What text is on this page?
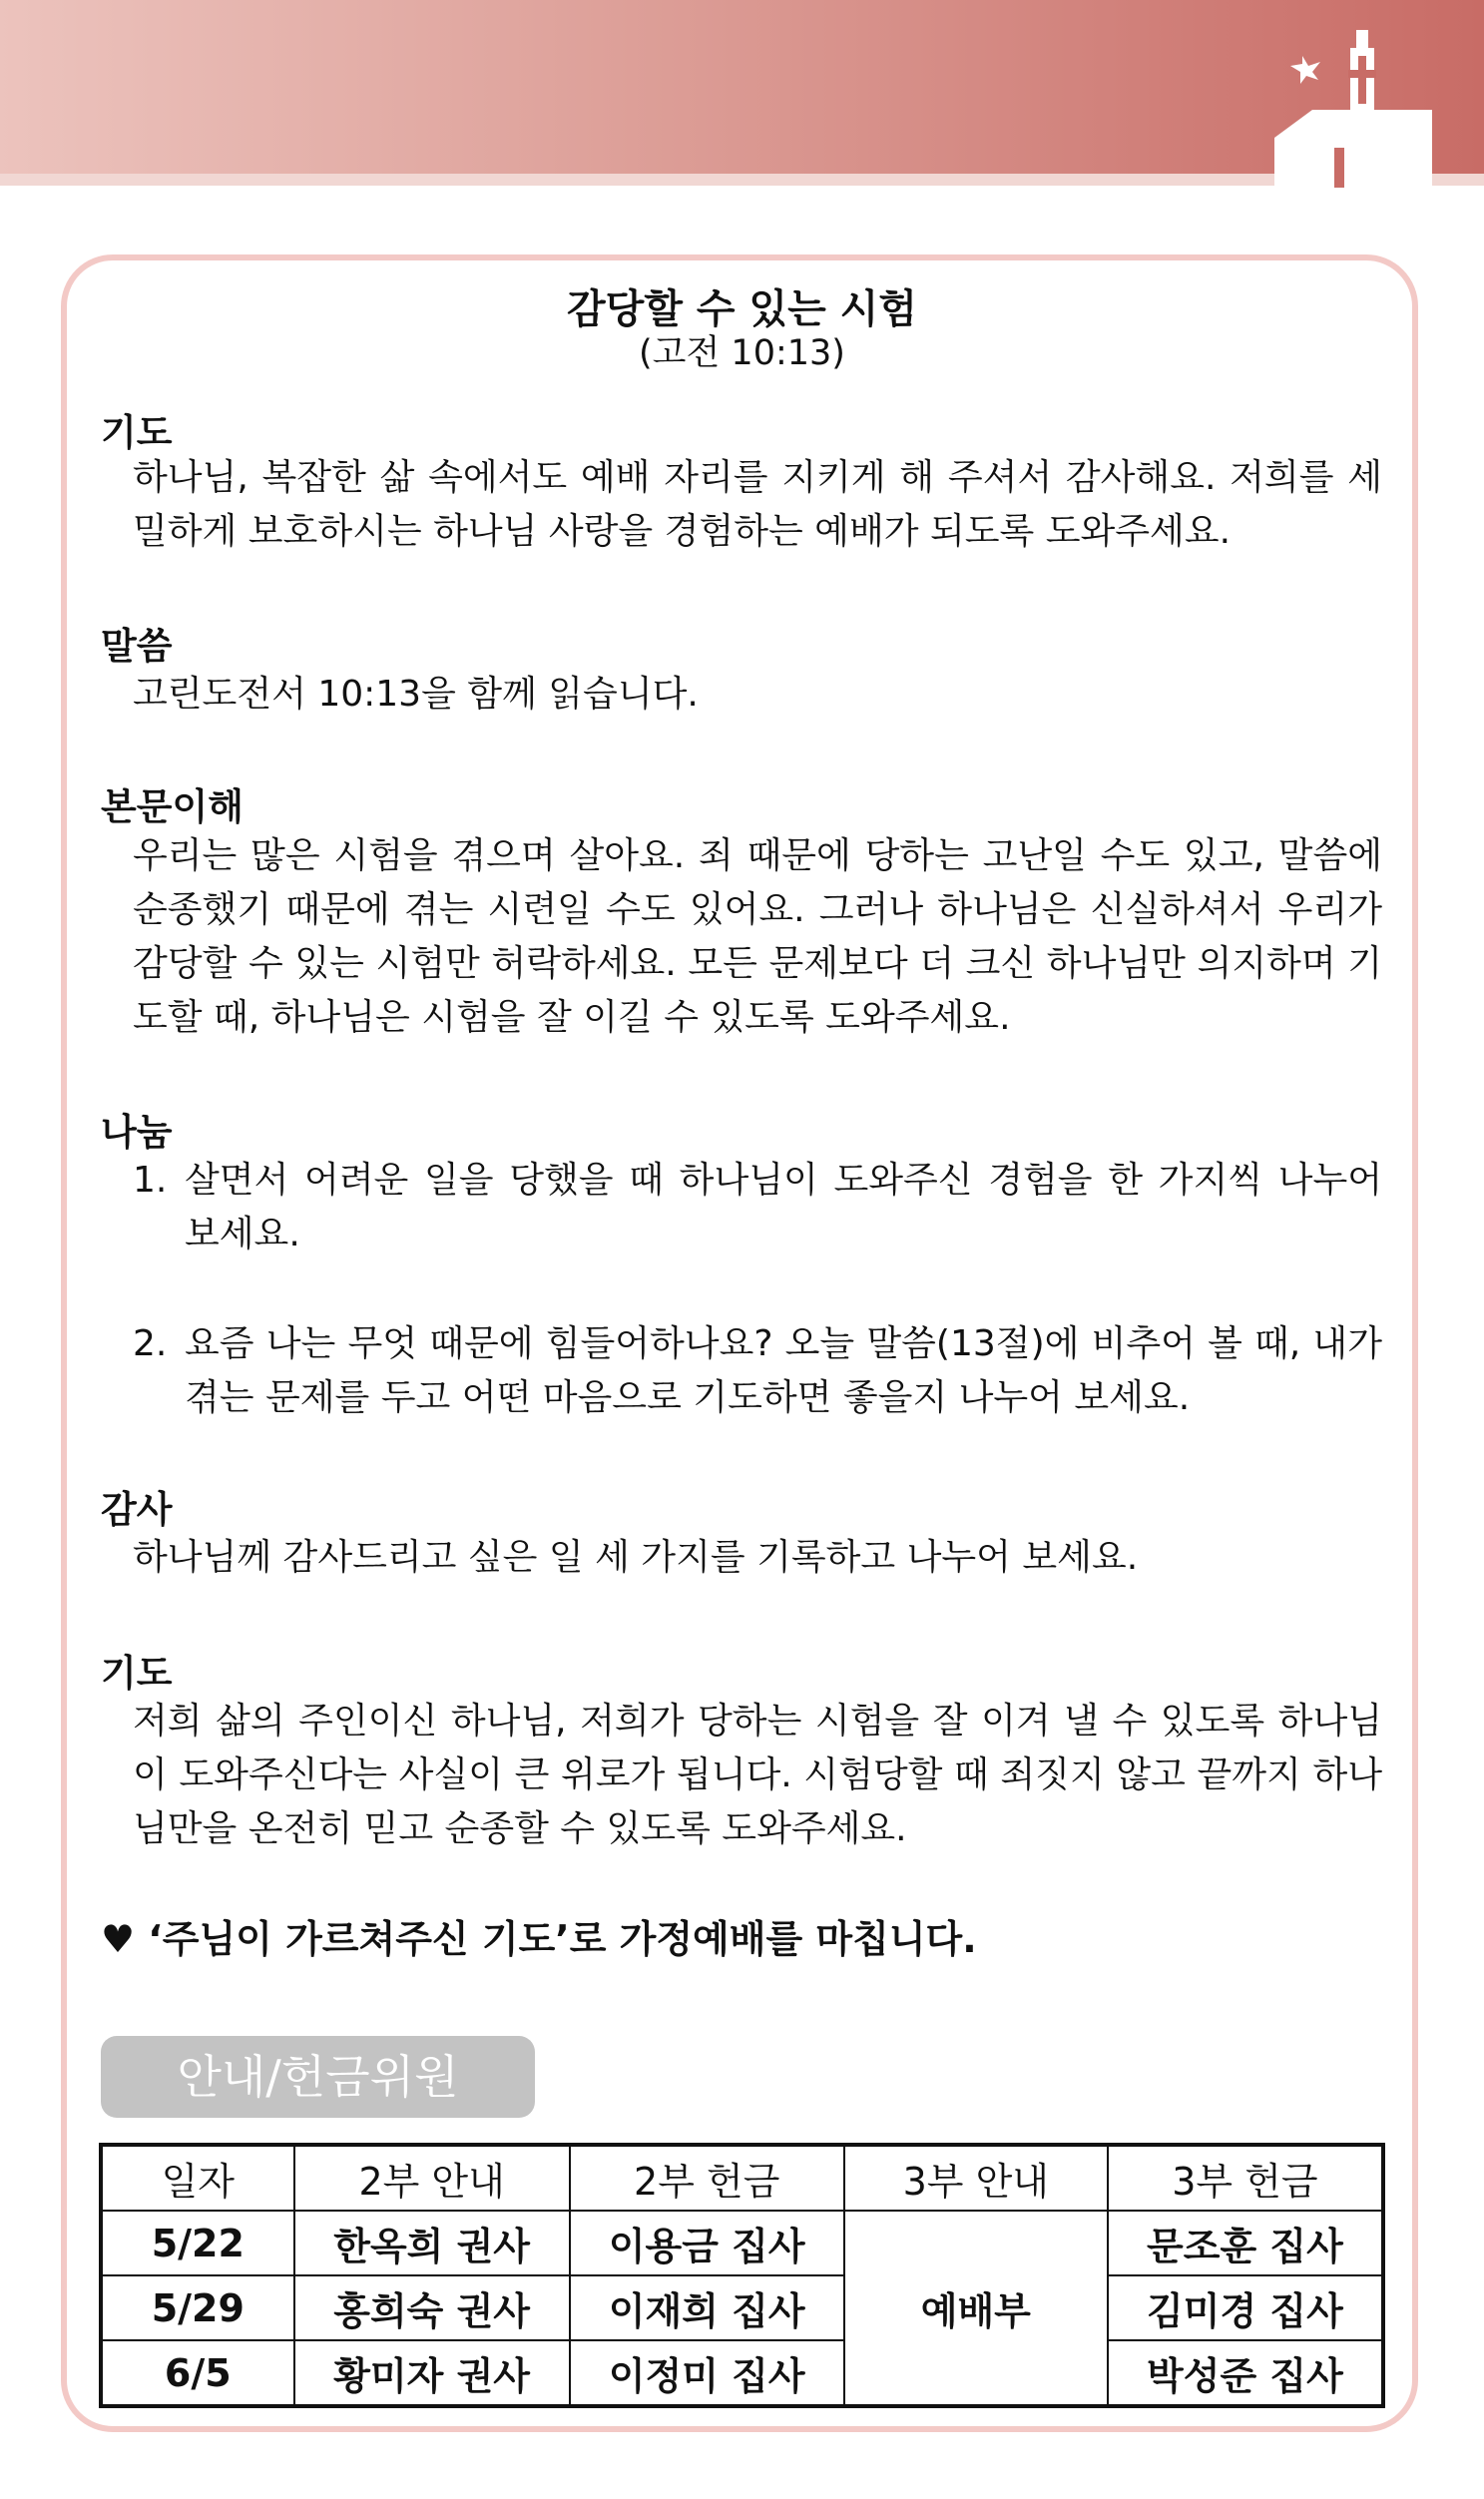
감당할 수 있는 시험
(고전 10:13)
기도
하나님, 복잡한 삶 속에서도 예배 자리를 지키게 해 주셔서 감사해요. 저희를 세밀하게 보호하시는 하나님 사랑을 경험하는 예배가 되도록 도와주세요.
말씀
고린도전서 10:13을 함께 읽습니다.
본문이해
우리는 많은 시험을 겪으며 살아요. 죄 때문에 당하는 고난일 수도 있고, 말씀에 순종했기 때문에 겪는 시련일 수도 있어요. 그러나 하나님은 신실하셔서 우리가 감당할 수 있는 시험만 허락하세요. 모든 문제보다 더 크신 하나님만 의지하며 기도할 때, 하나님은 시험을 잘 이길 수 있도록 도와주세요.
나눔
1. 살면서 어려운 일을 당했을 때 하나님이 도와주신 경험을 한 가지씩 나누어 보세요.
2. 요즘 나는 무엇 때문에 힘들어하나요? 오늘 말씀(13절)에 비추어 볼 때, 내가 겪는 문제를 두고 어떤 마음으로 기도하면 좋을지 나누어 보세요.
감사
하나님께 감사드리고 싶은 일 세 가지를 기록하고 나누어 보세요.
기도
저희 삶의 주인이신 하나님, 저희가 당하는 시험을 잘 이겨 낼 수 있도록 하나님이 도와주신다는 사실이 큰 위로가 됩니다. 시험당할 때 죄짓지 않고 끝까지 하나님만을 온전히 믿고 순종할 수 있도록 도와주세요.
♥ ‘주님이 가르쳐주신 기도’로 가정예배를 마칩니다.
안내/헌금위원
일자	2부 안내	2부 헌금	3부 안내	3부 헌금
5/22	한옥희 권사	이용금 집사	예배부	문조훈 집사
5/29	홍희숙 권사	이재희 집사		김미경 집사
6/5	황미자 권사	이정미 집사		박성준 집사
